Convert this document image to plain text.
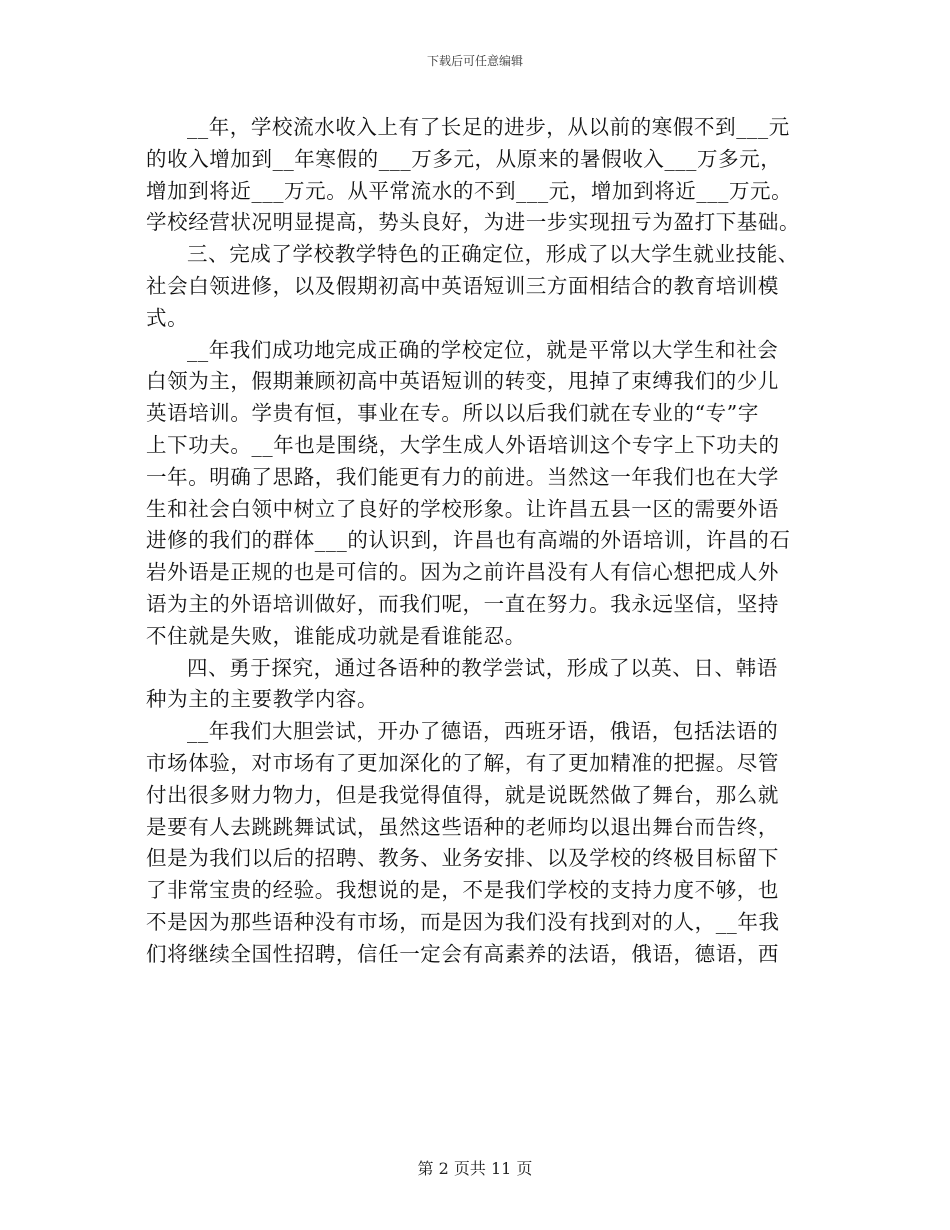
下载后可任意编辑
__年，学校流水收入上有了长足的进步，从以前的寒假不到___元
的收入增加到__年寒假的___万多元，从原来的暑假收入___万多元，
增加到将近___万元。从平常流水的不到___元，增加到将近___万元。
学校经营状况明显提高，势头良好，为进一步实现扭亏为盈打下基础。
三、完成了学校教学特色的正确定位，形成了以大学生就业技能、
社会白领进修，以及假期初高中英语短训三方面相结合的教育培训模
式。
__年我们成功地完成正确的学校定位，就是平常以大学生和社会
白领为主，假期兼顾初高中英语短训的转变，甩掉了束缚我们的少儿
英语培训。学贵有恒，事业在专。所以以后我们就在专业的“专”字
上下功夫。__年也是围绕，大学生成人外语培训这个专字上下功夫的
一年。明确了思路，我们能更有力的前进。当然这一年我们也在大学
生和社会白领中树立了良好的学校形象。让许昌五县一区的需要外语
进修的我们的群体___的认识到，许昌也有高端的外语培训，许昌的石
岩外语是正规的也是可信的。因为之前许昌没有人有信心想把成人外
语为主的外语培训做好，而我们呢，一直在努力。我永远坚信，坚持
不住就是失败，谁能成功就是看谁能忍。
四、勇于探究，通过各语种的教学尝试，形成了以英、日、韩语
种为主的主要教学内容。
__年我们大胆尝试，开办了德语，西班牙语，俄语，包括法语的
市场体验，对市场有了更加深化的了解，有了更加精准的把握。尽管
付出很多财力物力，但是我觉得值得，就是说既然做了舞台，那么就
是要有人去跳跳舞试试，虽然这些语种的老师均以退出舞台而告终，
但是为我们以后的招聘、教务、业务安排、以及学校的终极目标留下
了非常宝贵的经验。我想说的是，不是我们学校的支持力度不够，也
不是因为那些语种没有市场，而是因为我们没有找到对的人，__年我
们将继续全国性招聘，信任一定会有高素养的法语，俄语，德语，西
第 2 页共 11 页
